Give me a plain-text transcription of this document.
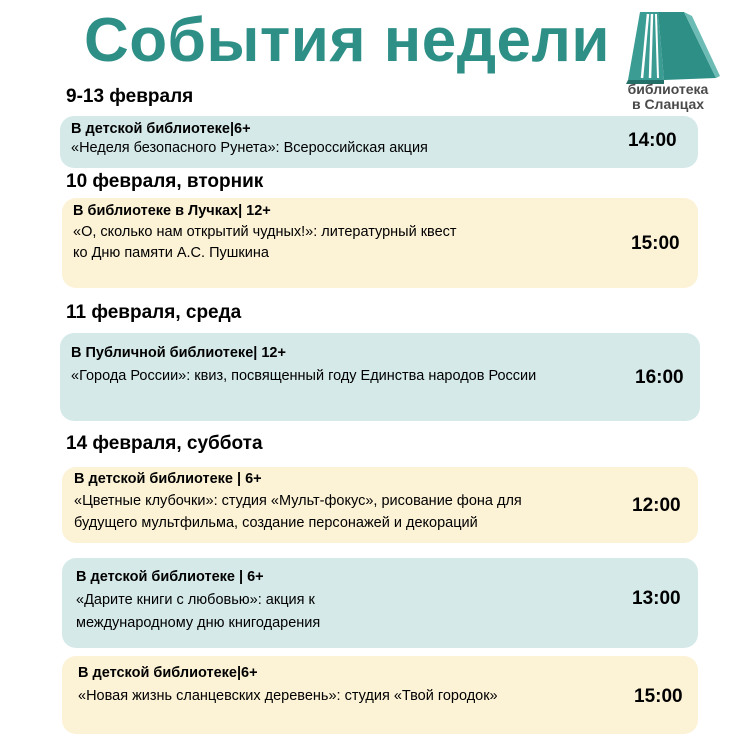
События недели
библиотека
в Сланцах
9-13 февраля
В детской библиотеке|6+
«Неделя безопасного Рунета»: Всероссийская акция	14:00
10 февраля, вторник
В библиотеке в Лучках| 12+
«О, сколько нам открытий чудных!»: литературный квест
ко Дню памяти А.С. Пушкина	15:00
11 февраля, среда
В Публичной библиотеке| 12+
«Города России»: квиз, посвященный году Единства народов России	16:00
14 февраля, суббота
В детской библиотеке | 6+
«Цветные клубочки»: студия «Мульт-фокус», рисование фона для
будущего мультфильма, создание персонажей и декораций
12:00
В детской библиотеке | 6+
«Дарите книги с любовью»: акция к
международному дню книгодарения
13:00
В детской библиотеке|6+
«Новая жизнь сланцевских деревень»: студия «Твой городок»	15:00
